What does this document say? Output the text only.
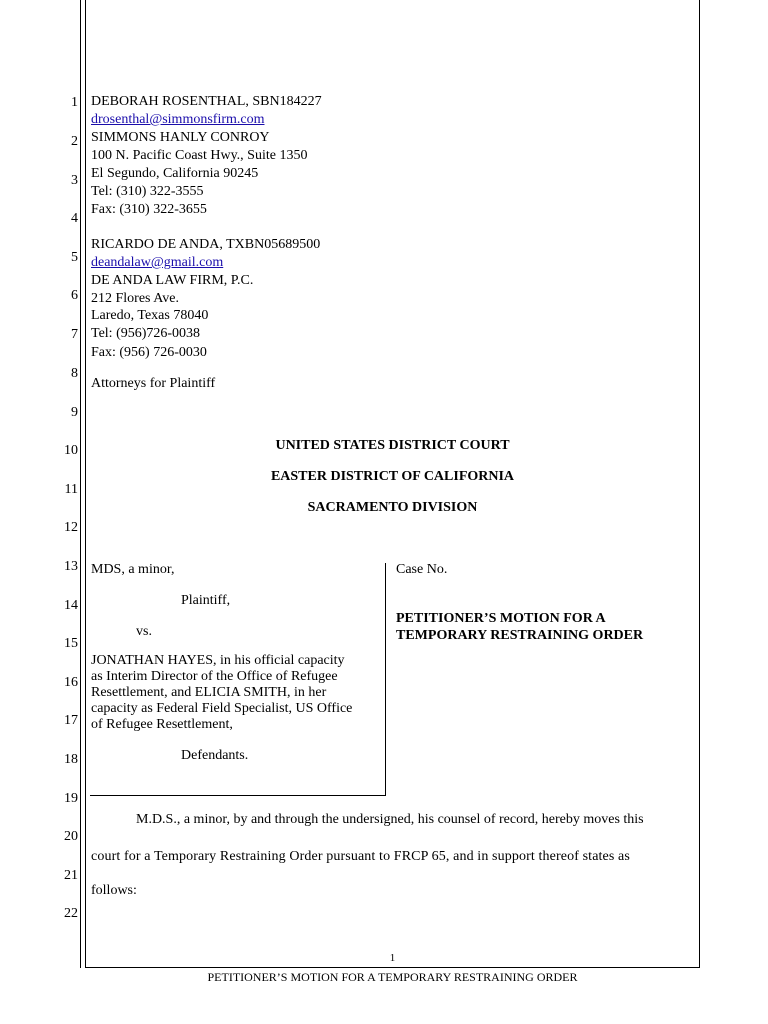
1
2
3
4
5
6
7
8
9
10
11
12
13
14
15
16
17
18
19
20
21
22
DEBORAH ROSENTHAL, SBN184227
drosenthal@simmonsfirm.com
SIMMONS HANLY CONROY
100 N. Pacific Coast Hwy., Suite 1350
El Segundo, California 90245
Tel: (310) 322-3555
Fax: (310) 322-3655
RICARDO DE ANDA, TXBN05689500
deandalaw@gmail.com
DE ANDA LAW FIRM, P.C.
212 Flores Ave.
Laredo, Texas 78040
Tel: (956)726-0038
Fax: (956) 726-0030
Attorneys for Plaintiff
UNITED STATES DISTRICT COURT
EASTER DISTRICT OF CALIFORNIA
SACRAMENTO DIVISION
MDS, a minor,
Plaintiff,
vs.
JONATHAN HAYES, in his official capacity
as Interim Director of the Office of Refugee
Resettlement, and ELICIA SMITH, in her
capacity as Federal Field Specialist, US Office
of Refugee Resettlement,
Defendants.
Case No.
PETITIONER’S MOTION FOR A
TEMPORARY RESTRAINING ORDER
M.D.S., a minor, by and through the undersigned, his counsel of record, hereby moves this
court for a Temporary Restraining Order pursuant to FRCP 65, and in support thereof states as
follows:
1
PETITIONER’S MOTION FOR A TEMPORARY RESTRAINING ORDER
